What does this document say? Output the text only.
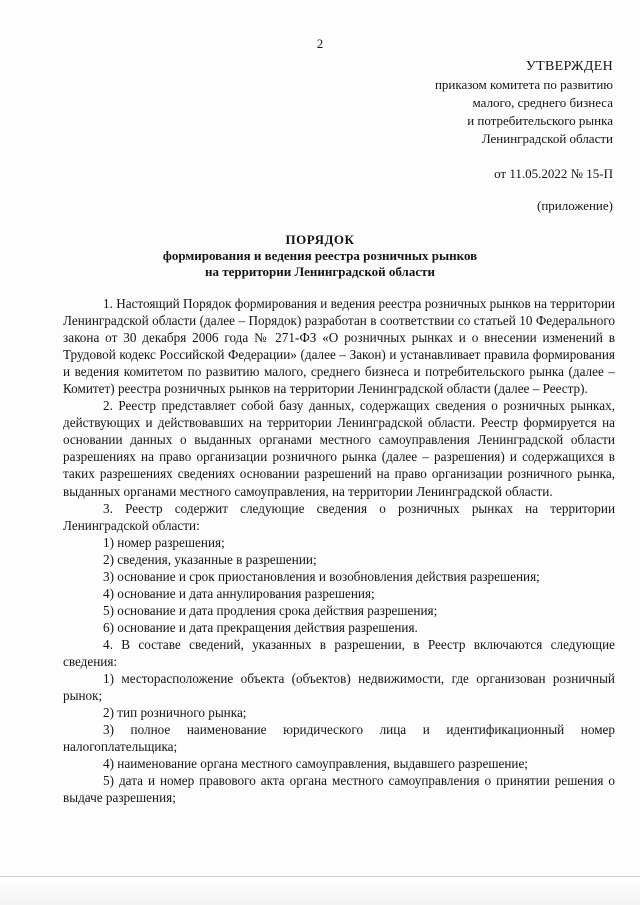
2
УТВЕРЖДЕН
приказом комитета по развитию
малого, среднего бизнеса
и потребительского рынка
Ленинградской области
от 11.05.2022 № 15-П
(приложение)
ПОРЯДОК
формирования и ведения реестра розничных рынков
на территории Ленинградской области

1. Настоящий Порядок формирования и ведения реестра розничных рынков на территории Ленинградской области (далее – Порядок) разработан в соответствии со статьей 10 Федерального закона от 30 декабря 2006 года № 271-ФЗ «О розничных рынках и о внесении изменений в Трудовой кодекс Российской Федерации» (далее – Закон) и устанавливает правила формирования и ведения комитетом по развитию малого, среднего бизнеса и потребительского рынка (далее – Комитет) реестра розничных рынков на территории Ленинградской области (далее – Реестр).

2. Реестр представляет собой базу данных, содержащих сведения о розничных рынках, действующих и действовавших на территории Ленинградской области. Реестр формируется на основании данных о выданных органами местного самоуправления Ленинградской области разрешениях на право организации розничного рынка (далее – разрешения) и содержащихся в таких разрешениях сведениях основании разрешений на право организации розничного рынка, выданных органами местного самоуправления, на территории Ленинградской области.

3. Реестр содержит следующие сведения о розничных рынках на территории Ленинградской области:

1) номер разрешения;

2) сведения, указанные в разрешении;

3) основание и срок приостановления и возобновления действия разрешения;

4) основание и дата аннулирования разрешения;

5) основание и дата продления срока действия разрешения;

6) основание и дата прекращения действия разрешения.

4. В составе сведений, указанных в разрешении, в Реестр включаются следующие сведения:

1) месторасположение объекта (объектов) недвижимости, где организован розничный рынок;

2) тип розничного рынка;

3) полное наименование юридического лица и идентификационный номер налогоплательщика;

4) наименование органа местного самоуправления, выдавшего разрешение;

5) дата и номер правового акта органа местного самоуправления о принятии решения о выдаче разрешения;
